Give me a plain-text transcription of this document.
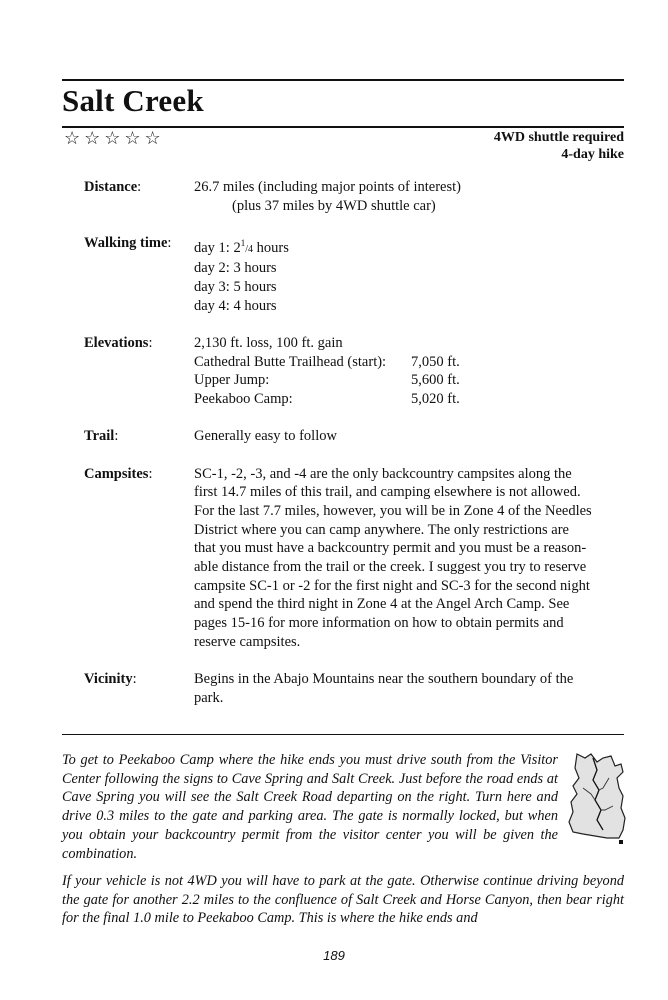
Salt Creek
☆☆☆☆☆	4WD shuttle required
4-day hike
Distance:	26.7 miles (including major points of interest)
(plus 37 miles by 4WD shuttle car)
Walking time: day 1: $2^1/4$ hours
day 2: 3 hours
day 3: 5 hours
day 4: 4 hours
Elevations:	2,130 ft. loss, 100 ft. gain
Cathedral Butte Trailhead (start):	7,050 ft.
Upper Jump:	5,600 ft.
Peekaboo Camp:	5,020 ft.
Trail:	Generally easy to follow
Campsites:	SC-1, -2, -3, and -4 are the only backcountry campsites along the
first 14.7 miles of this trail, and camping elsewhere is not allowed.
For the last 7.7 miles, however, you will be in Zone 4 of the Needles
District where you can camp anywhere. The only restrictions are
that you must have a backcountry permit and you must be a reason-
able distance from the trail or the creek. I suggest you try to reserve
campsite SC-1 or -2 for the first night and SC-3 for the second night
and spend the third night in Zone 4 at the Angel Arch Camp. See
pages 15-16 for more information on how to obtain permits and
reserve campsites.
Vicinity:	Begins in the Abajo Mountains near the southern boundary of the
park.

To get to Peekaboo Camp where the hike ends you must drive south from the Visitor Center following the signs to Cave Spring and Salt Creek. Just before the road ends at Cave Spring you will see the Salt Creek Road departing on the right. Turn here and drive 0.3 miles to the gate and parking area. The gate is normally locked, but when you obtain your backcountry permit from the visitor center you will be given the combination.

If your vehicle is not 4WD you will have to park at the gate. Otherwise continue driving beyond the gate for another 2.2 miles to the confluence of Salt Creek and Horse Canyon, then bear right for the final 1.0 mile to Peekaboo Camp. This is where the hike ends and

189
